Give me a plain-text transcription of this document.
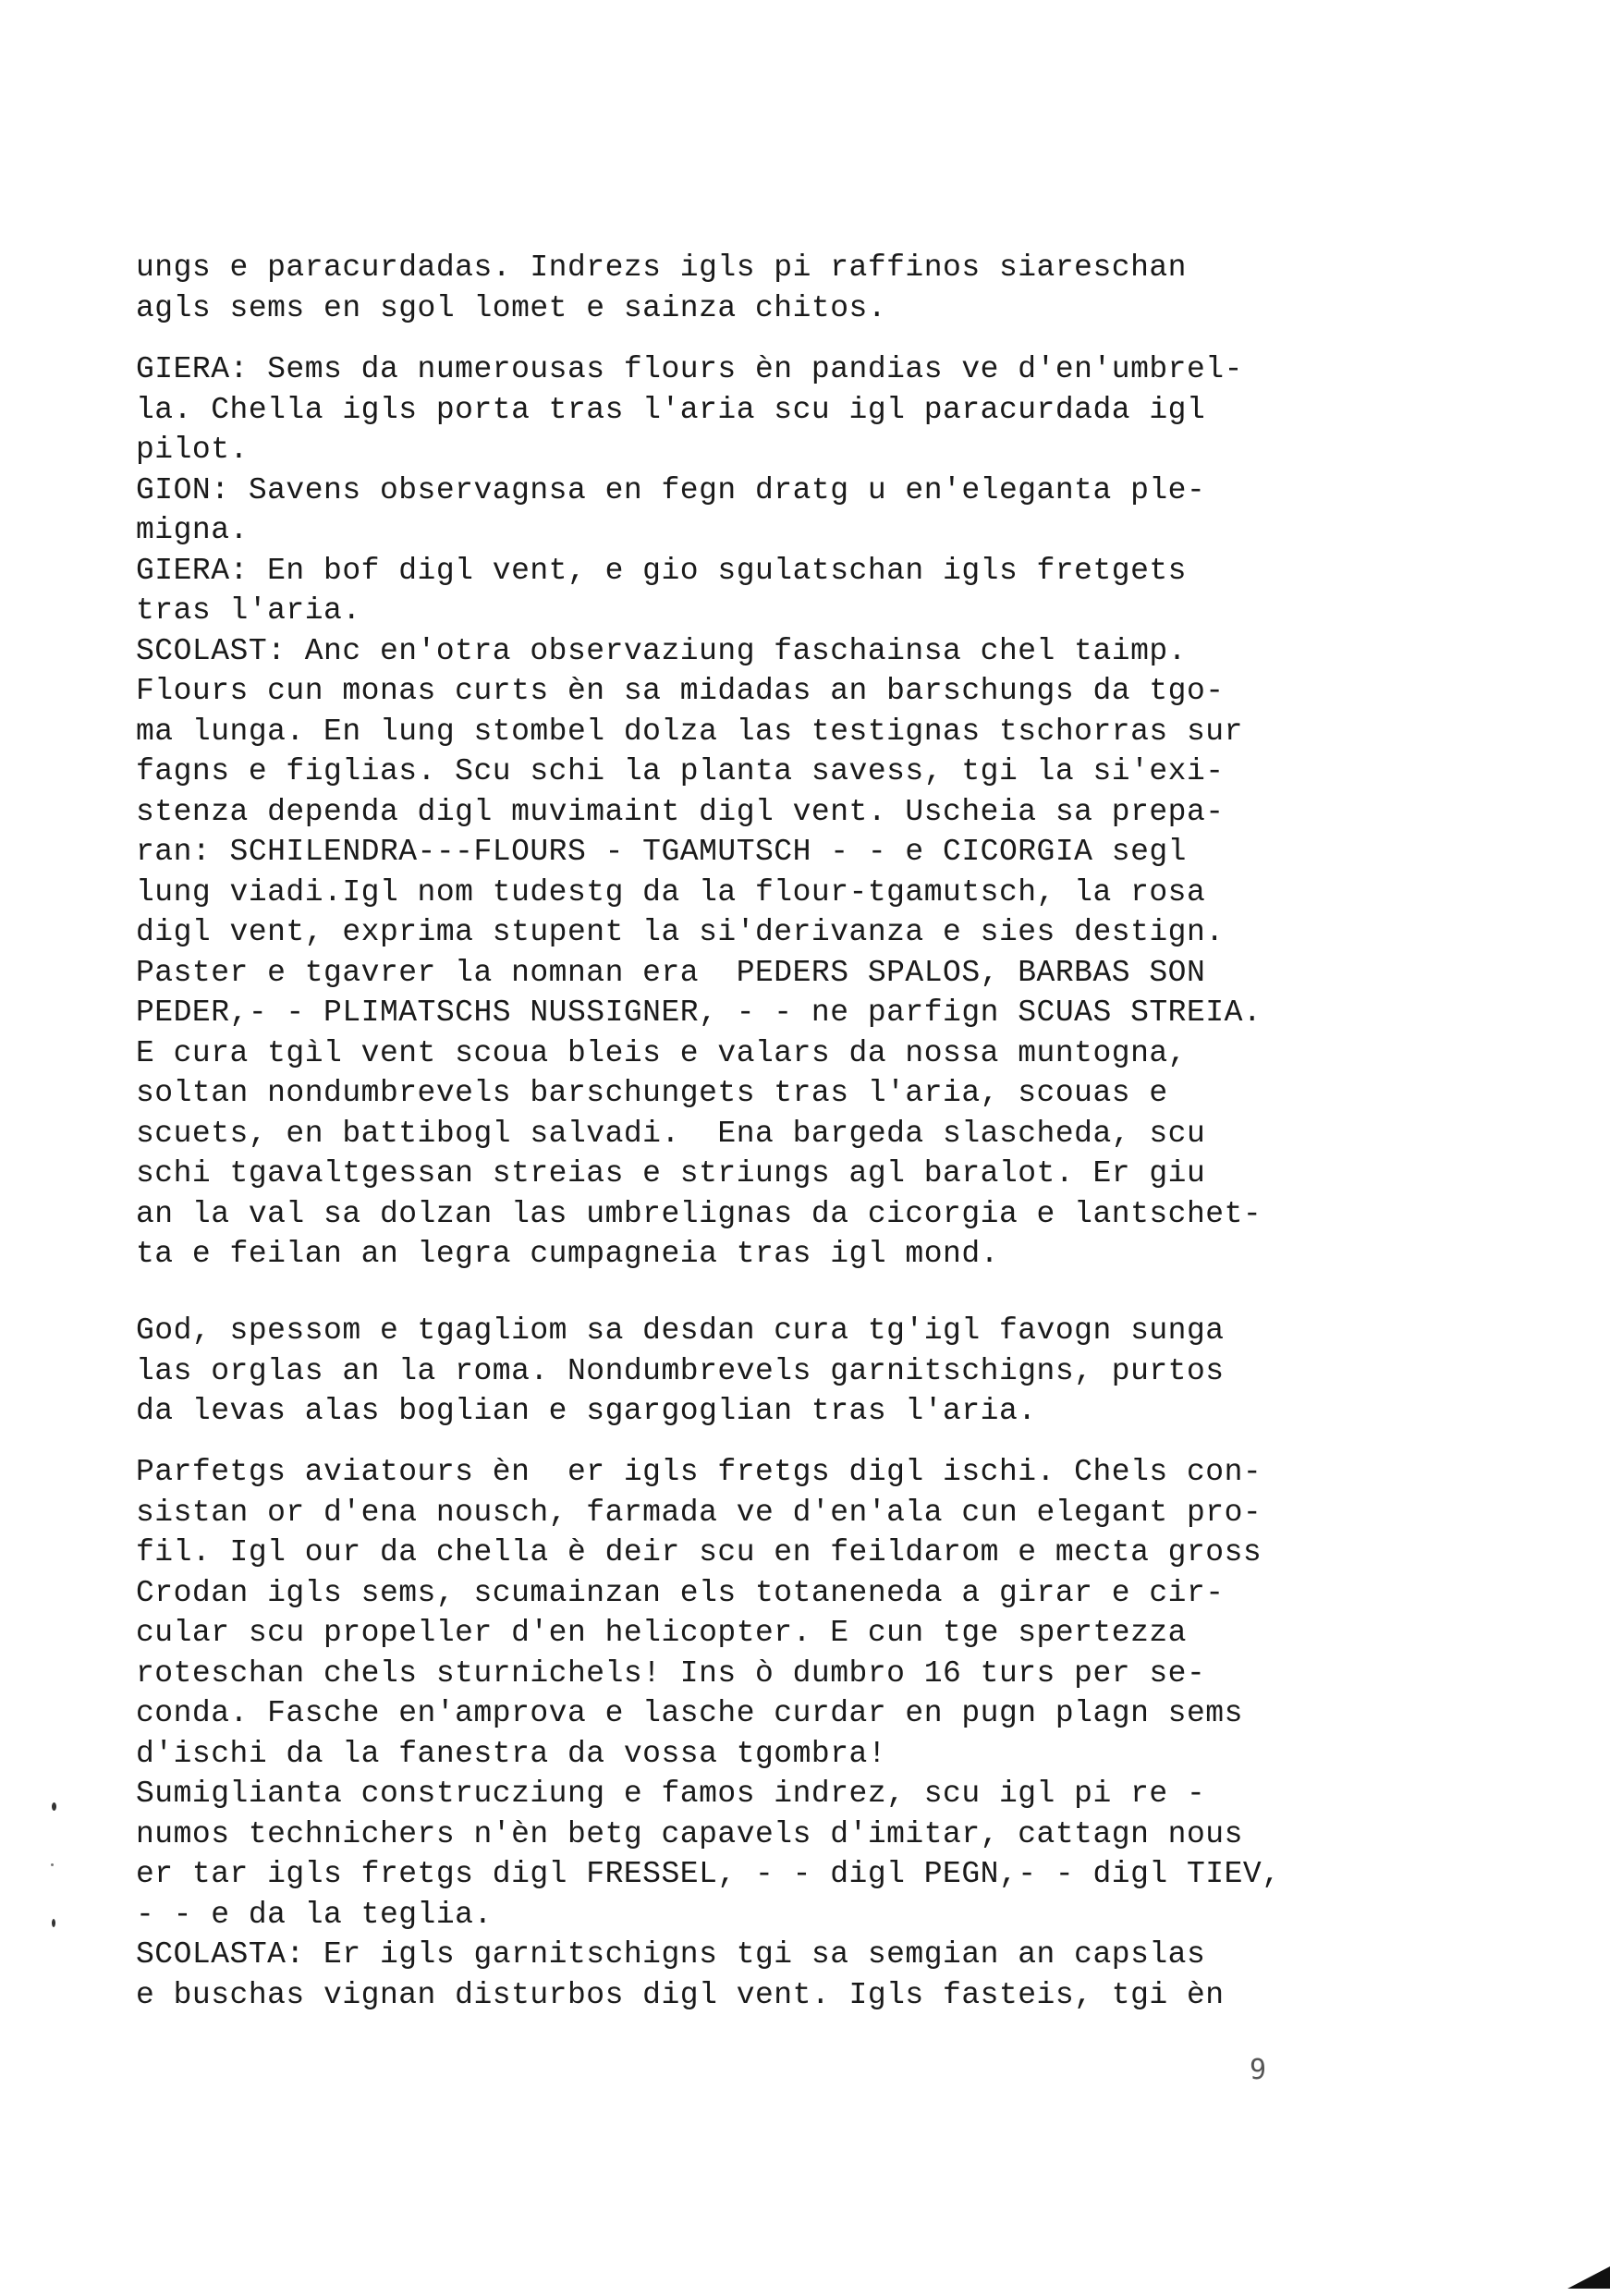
ungs e paracurdadas. Indrezs igls pi raffinos siareschan
agls sems en sgol lomet e sainza chitos.
GIERA: Sems da numerousas flours èn pandias ve d'en'umbrel-
la. Chella igls porta tras l'aria scu igl paracurdada igl
pilot.
GION: Savens observagnsa en fegn dratg u en'eleganta ple-
migna.
GIERA: En bof digl vent, e gio sgulatschan igls fretgets
tras l'aria.
SCOLAST: Anc en'otra observaziung faschainsa chel taimp.
Flours cun monas curts èn sa midadas an barschungs da tgo-
ma lunga. En lung stombel dolza las testignas tschorras sur
fagns e figlias. Scu schi la planta savess, tgi la si'exi-
stenza dependa digl muvimaint digl vent. Uscheia sa prepa-
ran: SCHILENDRA---FLOURS - TGAMUTSCH - - e CICORGIA segl
lung viadi.Igl nom tudestg da la flour-tgamutsch, la rosa
digl vent, exprima stupent la si'derivanza e sies destign.
Paster e tgavrer la nomnan era  PEDERS SPALOS, BARBAS SON
PEDER,- - PLIMATSCHS NUSSIGNER, - - ne parfign SCUAS STREIA.
E cura tgìl vent scoua bleis e valars da nossa muntogna,
soltan nondumbrevels barschungets tras l'aria, scouas e
scuets, en battibogl salvadi.  Ena bargeda slascheda, scu
schi tgavaltgessan streias e striungs agl baralot. Er giu
an la val sa dolzan las umbrelignas da cicorgia e lantschet-
ta e feilan an legra cumpagneia tras igl mond.
God, spessom e tgagliom sa desdan cura tg'igl favogn sunga
las orglas an la roma. Nondumbrevels garnitschigns, purtos
da levas alas boglian e sgargoglian tras l'aria.
Parfetgs aviatours èn  er igls fretgs digl ischi. Chels con-
sistan or d'ena nousch, farmada ve d'en'ala cun elegant pro-
fil. Igl our da chella è deir scu en feildarom e mecta gross
Crodan igls sems, scumainzan els totaneneda a girar e cir-
cular scu propeller d'en helicopter. E cun tge spertezza
roteschan chels sturnichels! Ins ò dumbro 16 turs per se-
conda. Fasche en'amprova e lasche curdar en pugn plagn sems
d'ischi da la fanestra da vossa tgombra!
Sumiglianta construcziung e famos indrez, scu igl pi re -
numos technichers n'èn betg capavels d'imitar, cattagn nous
er tar igls fretgs digl FRESSEL, - - digl PEGN,- - digl TIEV,
- - e da la teglia.
SCOLASTA: Er igls garnitschigns tgi sa semgian an capslas
e buschas vignan disturbos digl vent. Igls fasteis, tgi èn
9
